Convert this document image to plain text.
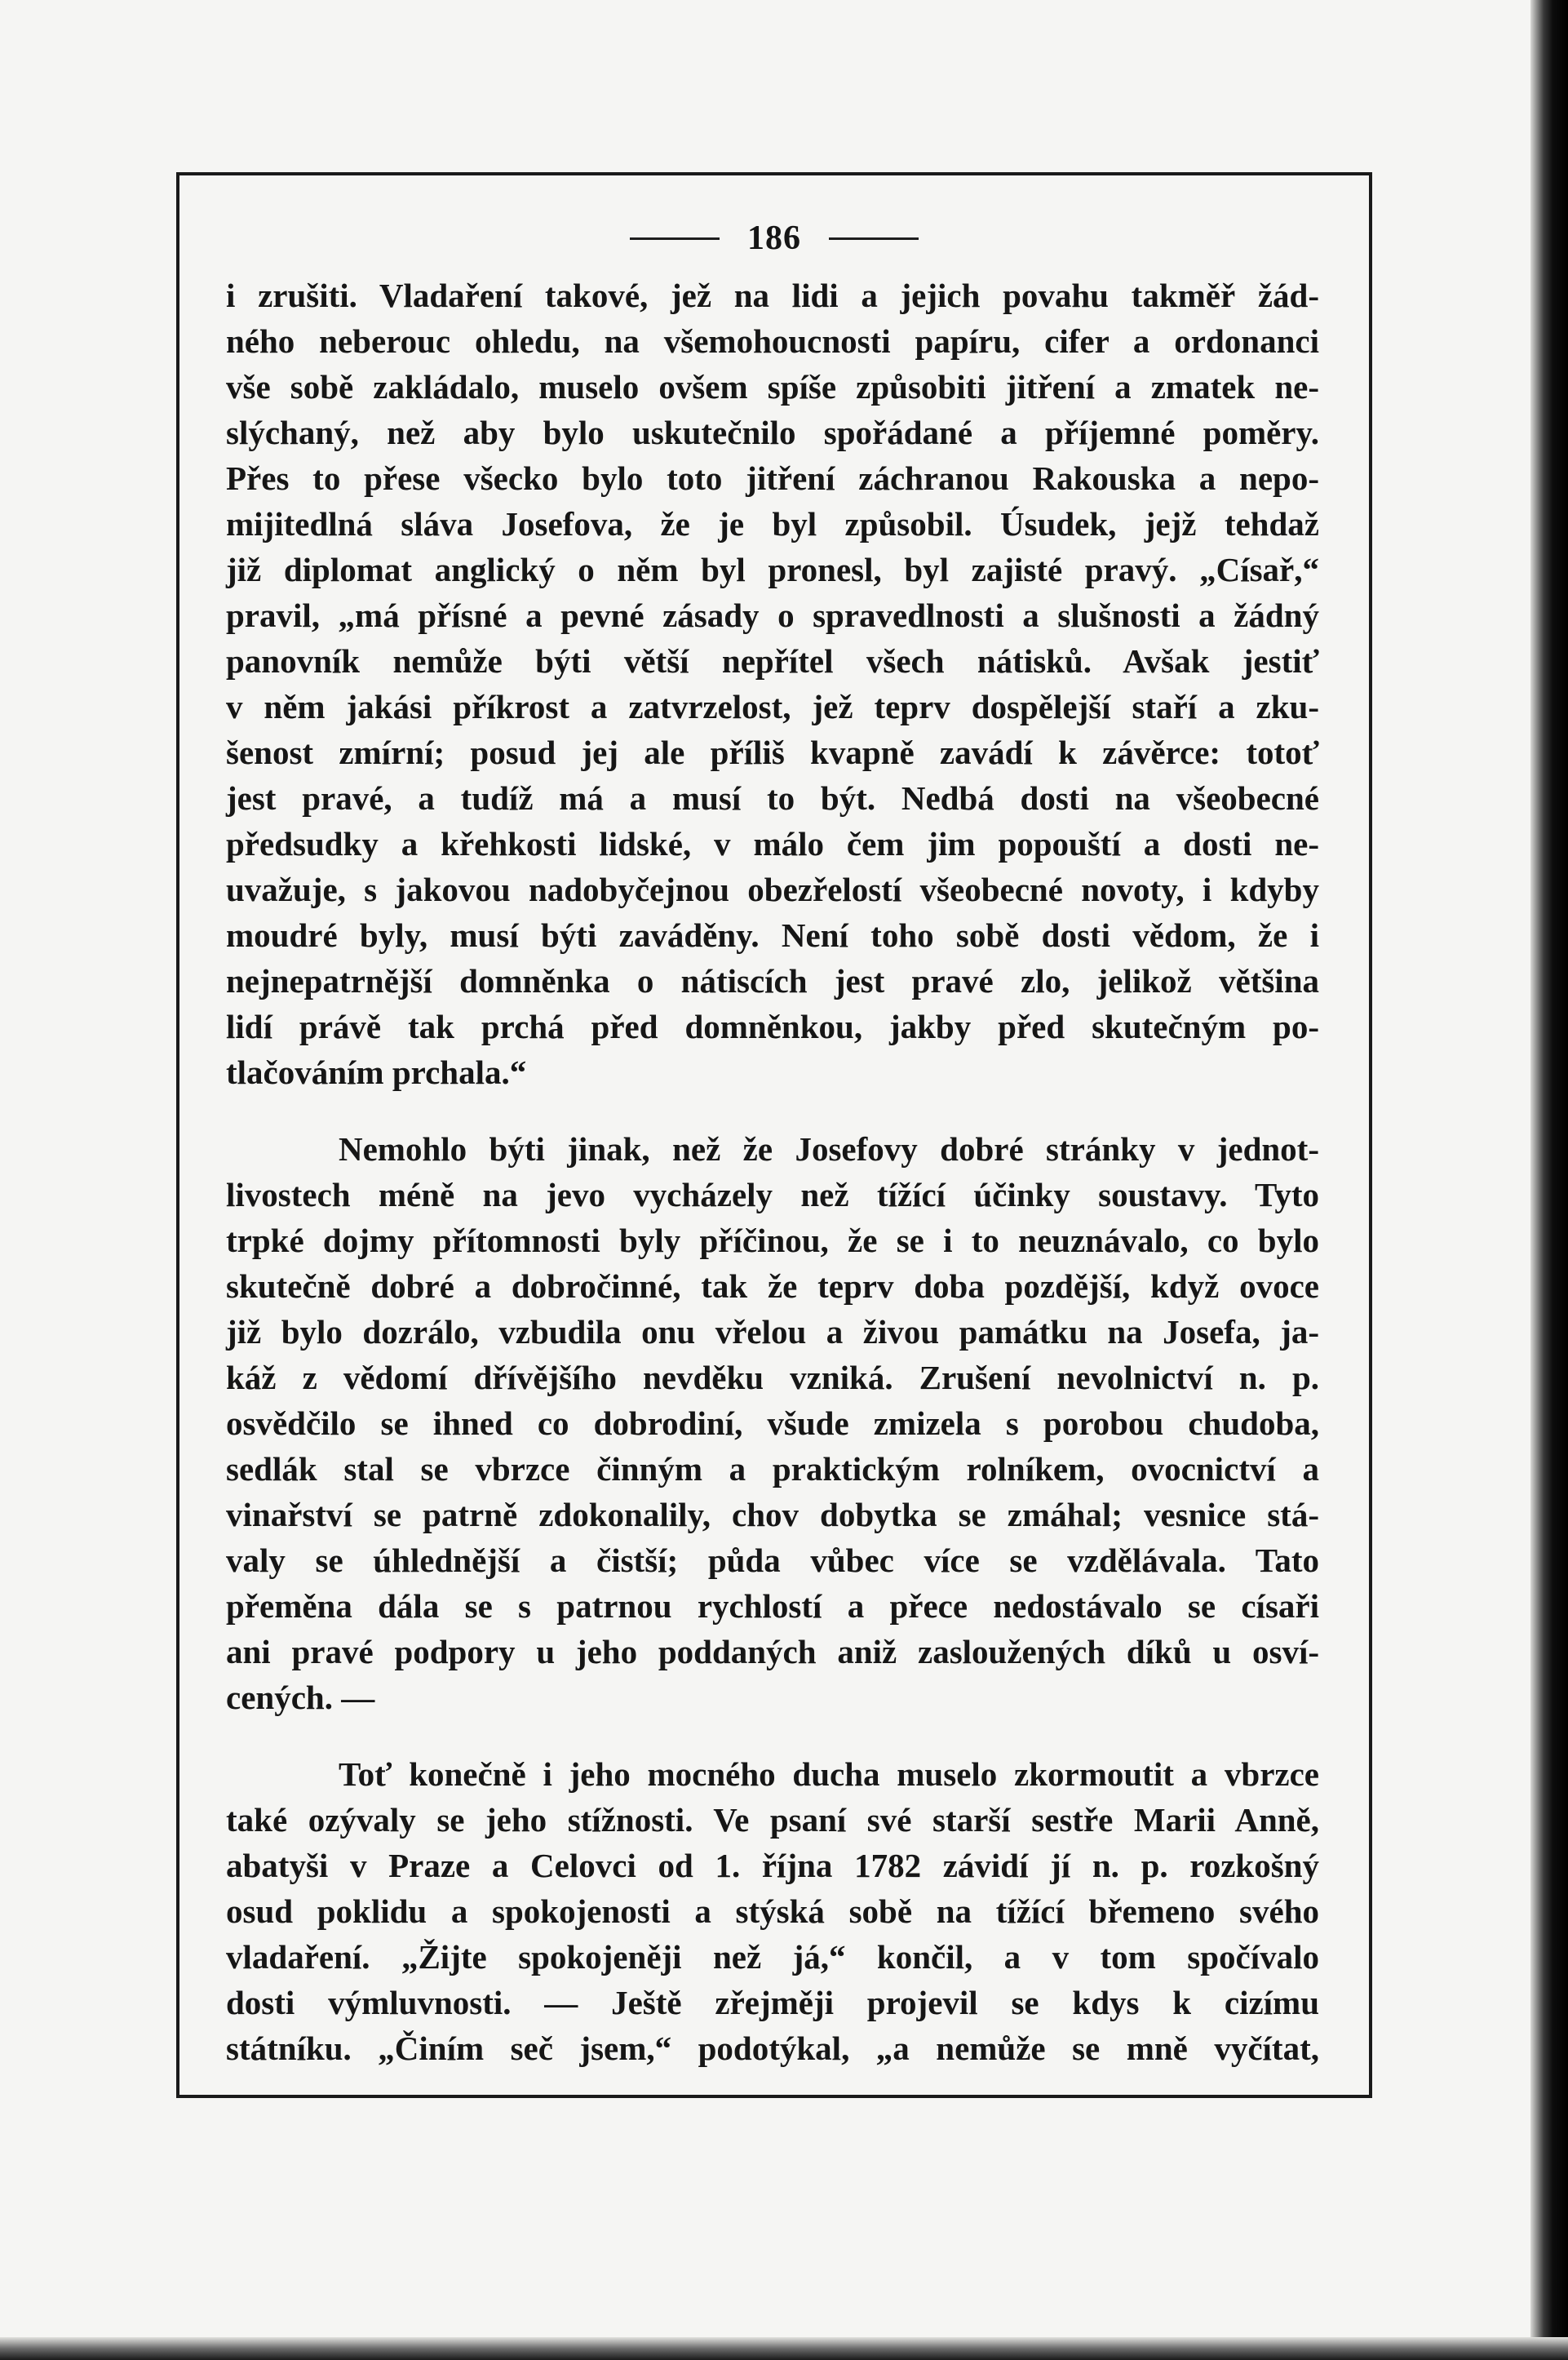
186
i zrušiti. Vladaření takové, jež na lidi a jejich povahu takměř žád-
ného neberouc ohledu, na všemohoucnosti papíru, cifer a ordonanci
vše sobě zakládalo, muselo ovšem spíše způsobiti jitření a zmatek ne-
slýchaný, než aby bylo uskutečnilo spořádané a příjemné poměry.
Přes to přese všecko bylo toto jitření záchranou Rakouska a nepo-
mijitedlná sláva Josefova, že je byl způsobil. Úsudek, jejž tehdaž
již diplomat anglický o něm byl pronesl, byl zajisté pravý. „Císař,“
pravil, „má přísné a pevné zásady o spravedlnosti a slušnosti a žádný
panovník nemůže býti větší nepřítel všech nátisků. Avšak jestiť
v něm jakási příkrost a zatvrzelost, jež teprv dospělejší staří a zku-
šenost zmírní; posud jej ale příliš kvapně zavádí k závěrce: totoť
jest pravé, a tudíž má a musí to být. Nedbá dosti na všeobecné
předsudky a křehkosti lidské, v málo čem jim popouští a dosti ne-
uvažuje, s jakovou nadobyčejnou obezřelostí všeobecné novoty, i kdyby
moudré byly, musí býti zaváděny. Není toho sobě dosti vědom, že i
nejnepatrnější domněnka o nátiscích jest pravé zlo, jelikož většina
lidí právě tak prchá před domněnkou, jakby před skutečným po-
tlačováním prchala.“
Nemohlo býti jinak, než že Josefovy dobré stránky v jednot-
livostech méně na jevo vycházely než tížící účinky soustavy. Tyto
trpké dojmy přítomnosti byly příčinou, že se i to neuznávalo, co bylo
skutečně dobré a dobročinné, tak že teprv doba pozdější, když ovoce
již bylo dozrálo, vzbudila onu vřelou a živou památku na Josefa, ja-
káž z vědomí dřívějšího nevděku vzniká. Zrušení nevolnictví n. p.
osvědčilo se ihned co dobrodiní, všude zmizela s porobou chudoba,
sedlák stal se vbrzce činným a praktickým rolníkem, ovocnictví a
vinařství se patrně zdokonalily, chov dobytka se zmáhal; vesnice stá-
valy se úhlednější a čistší; půda vůbec více se vzdělávala. Tato
přeměna dála se s patrnou rychlostí a přece nedostávalo se císaři
ani pravé podpory u jeho poddaných aniž zasloužených díků u osví-
cených. —
Toť konečně i jeho mocného ducha muselo zkormoutit a vbrzce
také ozývaly se jeho stížnosti. Ve psaní své starší sestře Marii Anně,
abatyši v Praze a Celovci od 1. října 1782 závidí jí n. p. rozkošný
osud poklidu a spokojenosti a stýská sobě na tížící břemeno svého
vladaření. „Žijte spokojeněji než já,“ končil, a v tom spočívalo
dosti výmluvnosti. — Ještě zřejměji projevil se kdys k cizímu
státníku. „Činím seč jsem,“ podotýkal, „a nemůže se mně vyčítat,
